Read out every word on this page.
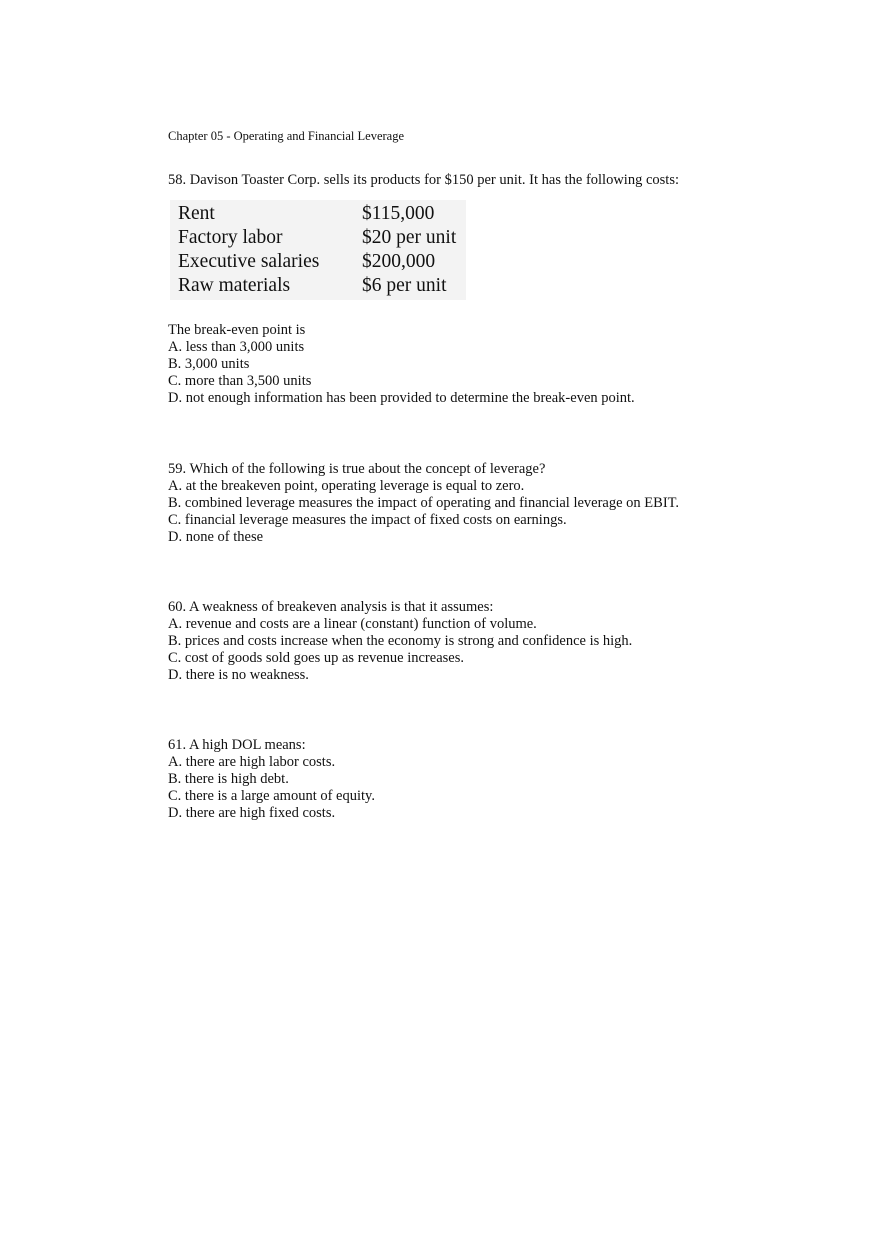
Chapter 05 - Operating and Financial Leverage

58. Davison Toaster Corp. sells its products for $150 per unit. It has the following costs:

Rent	$115,000
Factory labor	$20 per unit
Executive salaries $200,000
Raw materials	$6 per unit

The break-even point is

A. less than 3,000 units

B. 3,000 units

C. more than 3,500 units

D. not enough information has been provided to determine the break-even point.

59. Which of the following is true about the concept of leverage?

A. at the breakeven point, operating leverage is equal to zero.

B. combined leverage measures the impact of operating and financial leverage on EBIT.

C. financial leverage measures the impact of fixed costs on earnings.

D. none of these

60. A weakness of breakeven analysis is that it assumes:

A. revenue and costs are a linear (constant) function of volume.

B. prices and costs increase when the economy is strong and confidence is high.

C. cost of goods sold goes up as revenue increases.

D. there is no weakness.

61. A high DOL means:

A. there are high labor costs.

B. there is high debt.

C. there is a large amount of equity.

D. there are high fixed costs.
